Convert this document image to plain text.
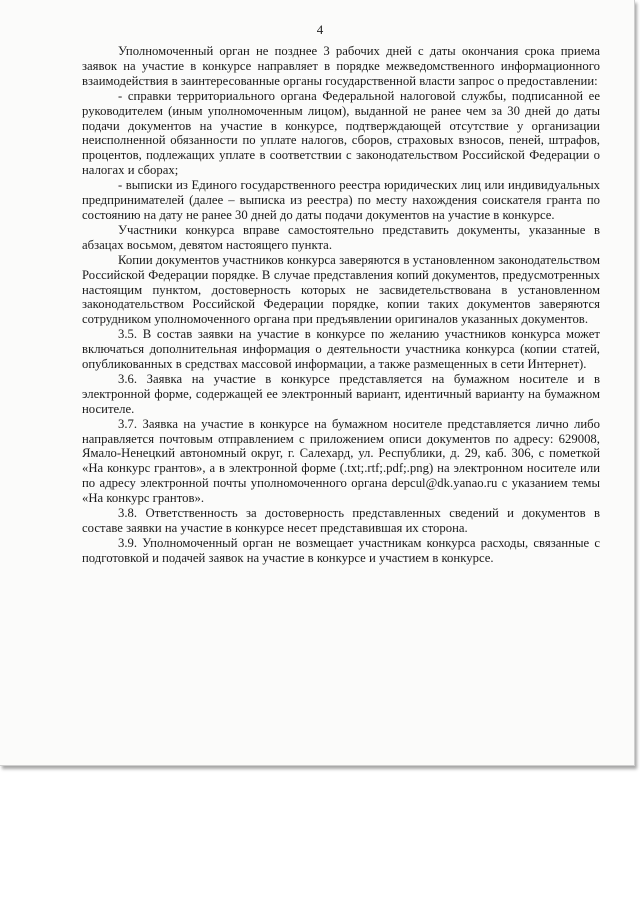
4

Уполномоченный орган не позднее 3 рабочих дней с даты окончания срока приема заявок на участие в конкурсе направляет в порядке межведомственного информационного взаимодействия в заинтересованные органы государственной власти запрос о предоставлении:

- справки территориального органа Федеральной налоговой службы, подписанной ее руководителем (иным уполномоченным лицом), выданной не ранее чем за 30 дней до даты подачи документов на участие в конкурсе, подтверждающей отсутствие у организации неисполненной обязанности по уплате налогов, сборов, страховых взносов, пеней, штрафов, процентов, подлежащих уплате в соответствии с законодательством Российской Федерации о налогах и сборах;

- выписки из Единого государственного реестра юридических лиц или индивидуальных предпринимателей (далее – выписка из реестра) по месту нахождения соискателя гранта по состоянию на дату не ранее 30 дней до даты подачи документов на участие в конкурсе.

Участники конкурса вправе самостоятельно представить документы, указанные в абзацах восьмом, девятом настоящего пункта.

Копии документов участников конкурса заверяются в установленном законодательством Российской Федерации порядке. В случае представления копий документов, предусмотренных настоящим пунктом, достоверность которых не засвидетельствована в установленном законодательством Российской Федерации порядке, копии таких документов заверяются сотрудником уполномоченного органа при предъявлении оригиналов указанных документов.

3.5. В состав заявки на участие в конкурсе по желанию участников конкурса может включаться дополнительная информация о деятельности участника конкурса (копии статей, опубликованных в средствах массовой информации, а также размещенных в сети Интернет).

3.6. Заявка на участие в конкурсе представляется на бумажном носителе и в электронной форме, содержащей ее электронный вариант, идентичный варианту на бумажном носителе.

3.7. Заявка на участие в конкурсе на бумажном носителе представляется лично либо направляется почтовым отправлением с приложением описи документов по адресу: 629008, Ямало-Ненецкий автономный округ, г. Салехард, ул. Республики, д. 29, каб. 306, с пометкой «На конкурс грантов», а в электронной форме (.txt;.rtf;.pdf;.png) на электронном носителе или по адресу электронной почты уполномоченного органа depcul@dk.yanao.ru с указанием темы «На конкурс грантов».

3.8. Ответственность за достоверность представленных сведений и документов в составе заявки на участие в конкурсе несет представившая их сторона.

3.9. Уполномоченный орган не возмещает участникам конкурса расходы, связанные с подготовкой и подачей заявок на участие в конкурсе и участием в конкурсе.
